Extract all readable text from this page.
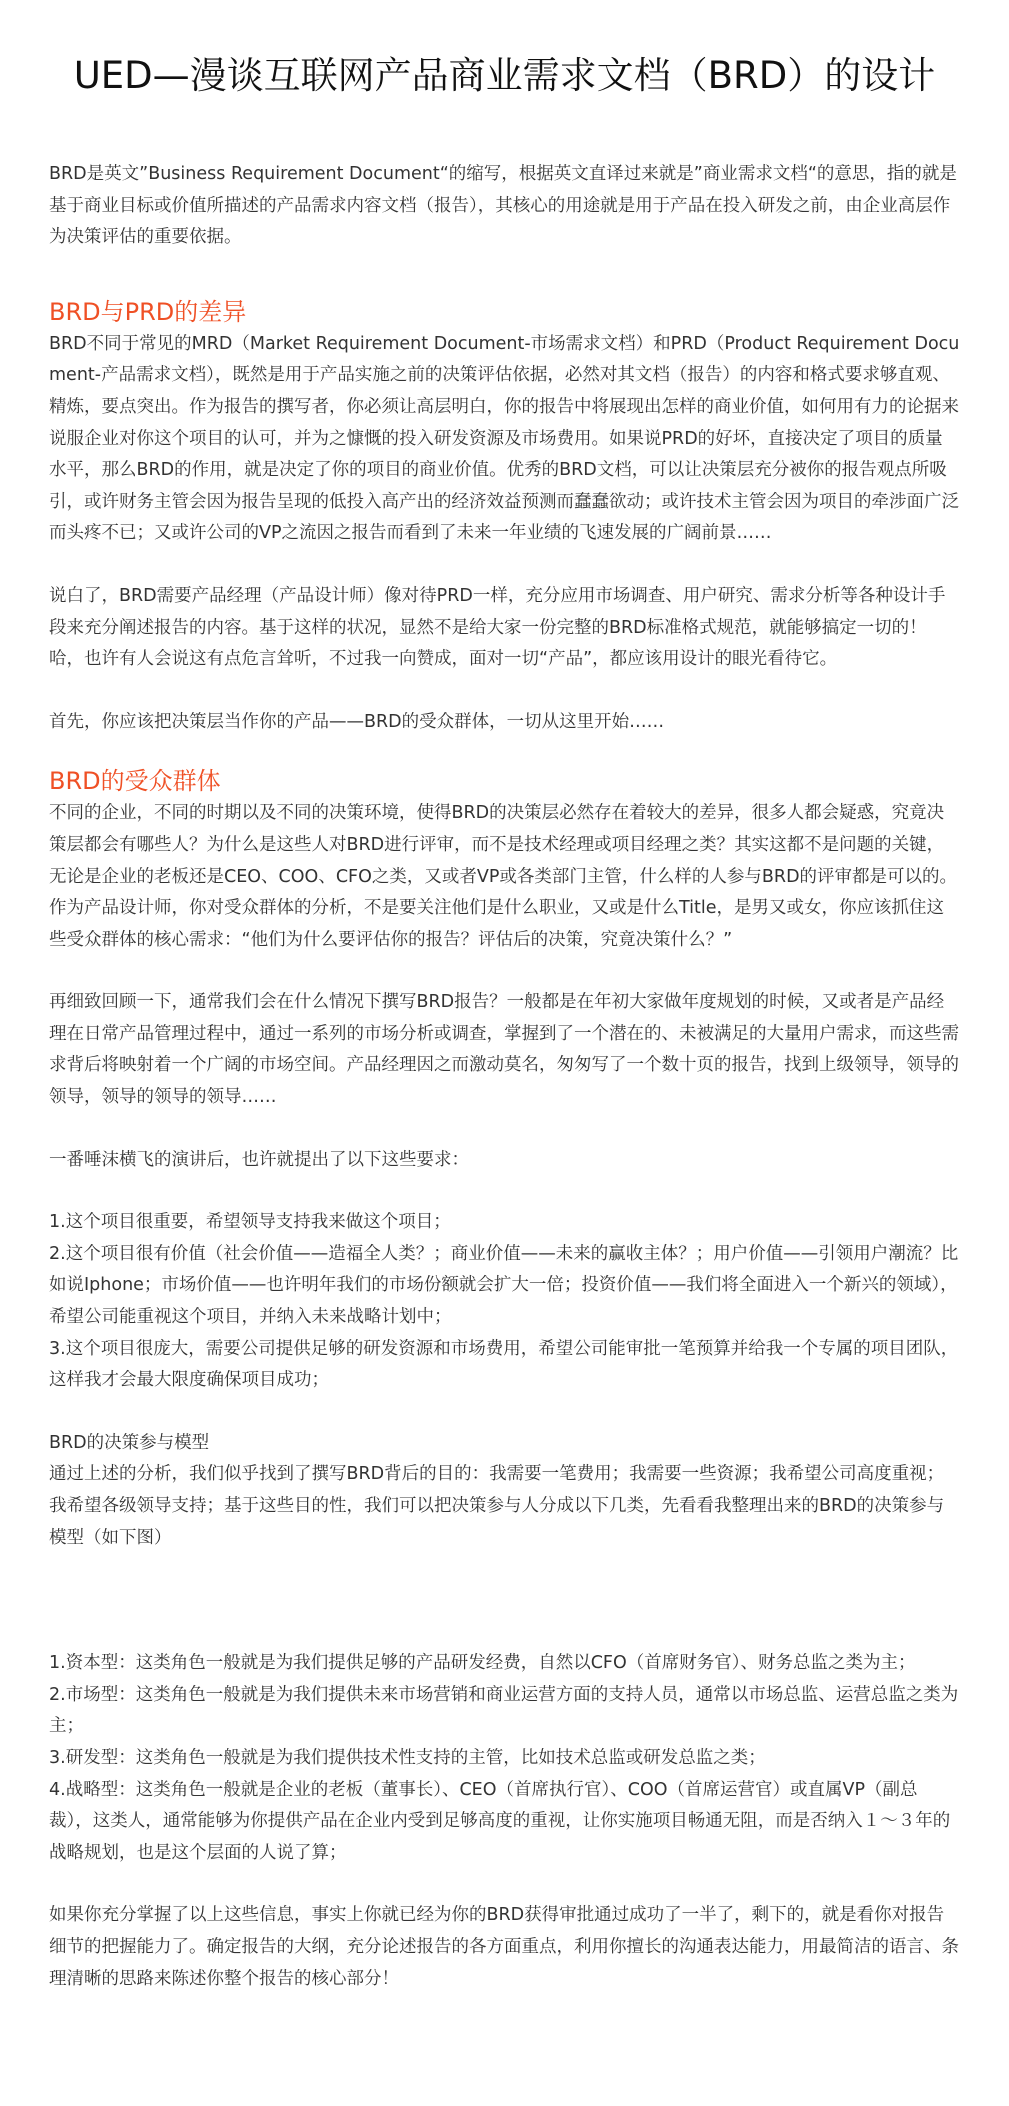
UED—漫谈互联网产品商业需求文档（BRD）的设计

BRD是英文”Business Requirement Document“的缩写，根据英文直译过来就是”商业需求文档“的意思，指的就是基于商业目标或价值所描述的产品需求内容文档（报告），其核心的用途就是用于产品在投入研发之前，由企业高层作为决策评估的重要依据。

BRD与PRD的差异

BRD不同于常见的MRD（Market Requirement Document-市场需求文档）和PRD（Product Requirement Document-产品需求文档），既然是用于产品实施之前的决策评估依据，必然对其文档（报告）的内容和格式要求够直观、精炼，要点突出。作为报告的撰写者，你必须让高层明白，你的报告中将展现出怎样的商业价值，如何用有力的论据来说服企业对你这个项目的认可，并为之慷慨的投入研发资源及市场费用。如果说PRD的好坏，直接决定了项目的质量水平，那么BRD的作用，就是决定了你的项目的商业价值。优秀的BRD文档，可以让决策层充分被你的报告观点所吸引，或许财务主管会因为报告呈现的低投入高产出的经济效益预测而蠢蠢欲动；或许技术主管会因为项目的牵涉面广泛而头疼不已；又或许公司的VP之流因之报告而看到了未来一年业绩的飞速发展的广阔前景……

说白了，BRD需要产品经理（产品设计师）像对待PRD一样，充分应用市场调查、用户研究、需求分析等各种设计手段来充分阐述报告的内容。基于这样的状况，显然不是给大家一份完整的BRD标准格式规范，就能够搞定一切的！哈，也许有人会说这有点危言耸听，不过我一向赞成，面对一切“产品”，都应该用设计的眼光看待它。

首先，你应该把决策层当作你的产品——BRD的受众群体，一切从这里开始……

BRD的受众群体

不同的企业，不同的时期以及不同的决策环境，使得BRD的决策层必然存在着较大的差异，很多人都会疑惑，究竟决策层都会有哪些人？为什么是这些人对BRD进行评审，而不是技术经理或项目经理之类？其实这都不是问题的关键，无论是企业的老板还是CEO、COO、CFO之类，又或者VP或各类部门主管，什么样的人参与BRD的评审都是可以的。作为产品设计师，你对受众群体的分析，不是要关注他们是什么职业，又或是什么Title，是男又或女，你应该抓住这些受众群体的核心需求：“他们为什么要评估你的报告？评估后的决策，究竟决策什么？”

再细致回顾一下，通常我们会在什么情况下撰写BRD报告？一般都是在年初大家做年度规划的时候，又或者是产品经理在日常产品管理过程中，通过一系列的市场分析或调查，掌握到了一个潜在的、未被满足的大量用户需求，而这些需求背后将映射着一个广阔的市场空间。产品经理因之而激动莫名，匆匆写了一个数十页的报告，找到上级领导，领导的领导，领导的领导的领导……

一番唾沫横飞的演讲后，也许就提出了以下这些要求：

1.这个项目很重要，希望领导支持我来做这个项目；

2.这个项目很有价值（社会价值——造福全人类？；商业价值——未来的赢收主体？；用户价值——引领用户潮流？比如说Iphone；市场价值——也许明年我们的市场份额就会扩大一倍；投资价值——我们将全面进入一个新兴的领域），希望公司能重视这个项目，并纳入未来战略计划中；

3.这个项目很庞大，需要公司提供足够的研发资源和市场费用，希望公司能审批一笔预算并给我一个专属的项目团队，这样我才会最大限度确保项目成功；

BRD的决策参与模型

通过上述的分析，我们似乎找到了撰写BRD背后的目的：我需要一笔费用；我需要一些资源；我希望公司高度重视；我希望各级领导支持；基于这些目的性，我们可以把决策参与人分成以下几类，先看看我整理出来的BRD的决策参与模型（如下图）

1.资本型：这类角色一般就是为我们提供足够的产品研发经费，自然以CFO（首席财务官）、财务总监之类为主；

2.市场型：这类角色一般就是为我们提供未来市场营销和商业运营方面的支持人员，通常以市场总监、运营总监之类为主；

3.研发型：这类角色一般就是为我们提供技术性支持的主管，比如技术总监或研发总监之类；

4.战略型：这类角色一般就是企业的老板（董事长）、CEO（首席执行官）、COO（首席运营官）或直属VP（副总裁），这类人，通常能够为你提供产品在企业内受到足够高度的重视，让你实施项目畅通无阻，而是否纳入１～３年的战略规划，也是这个层面的人说了算；

如果你充分掌握了以上这些信息，事实上你就已经为你的BRD获得审批通过成功了一半了，剩下的，就是看你对报告细节的把握能力了。确定报告的大纲，充分论述报告的各方面重点，利用你擅长的沟通表达能力，用最简洁的语言、条理清晰的思路来陈述你整个报告的核心部分！
